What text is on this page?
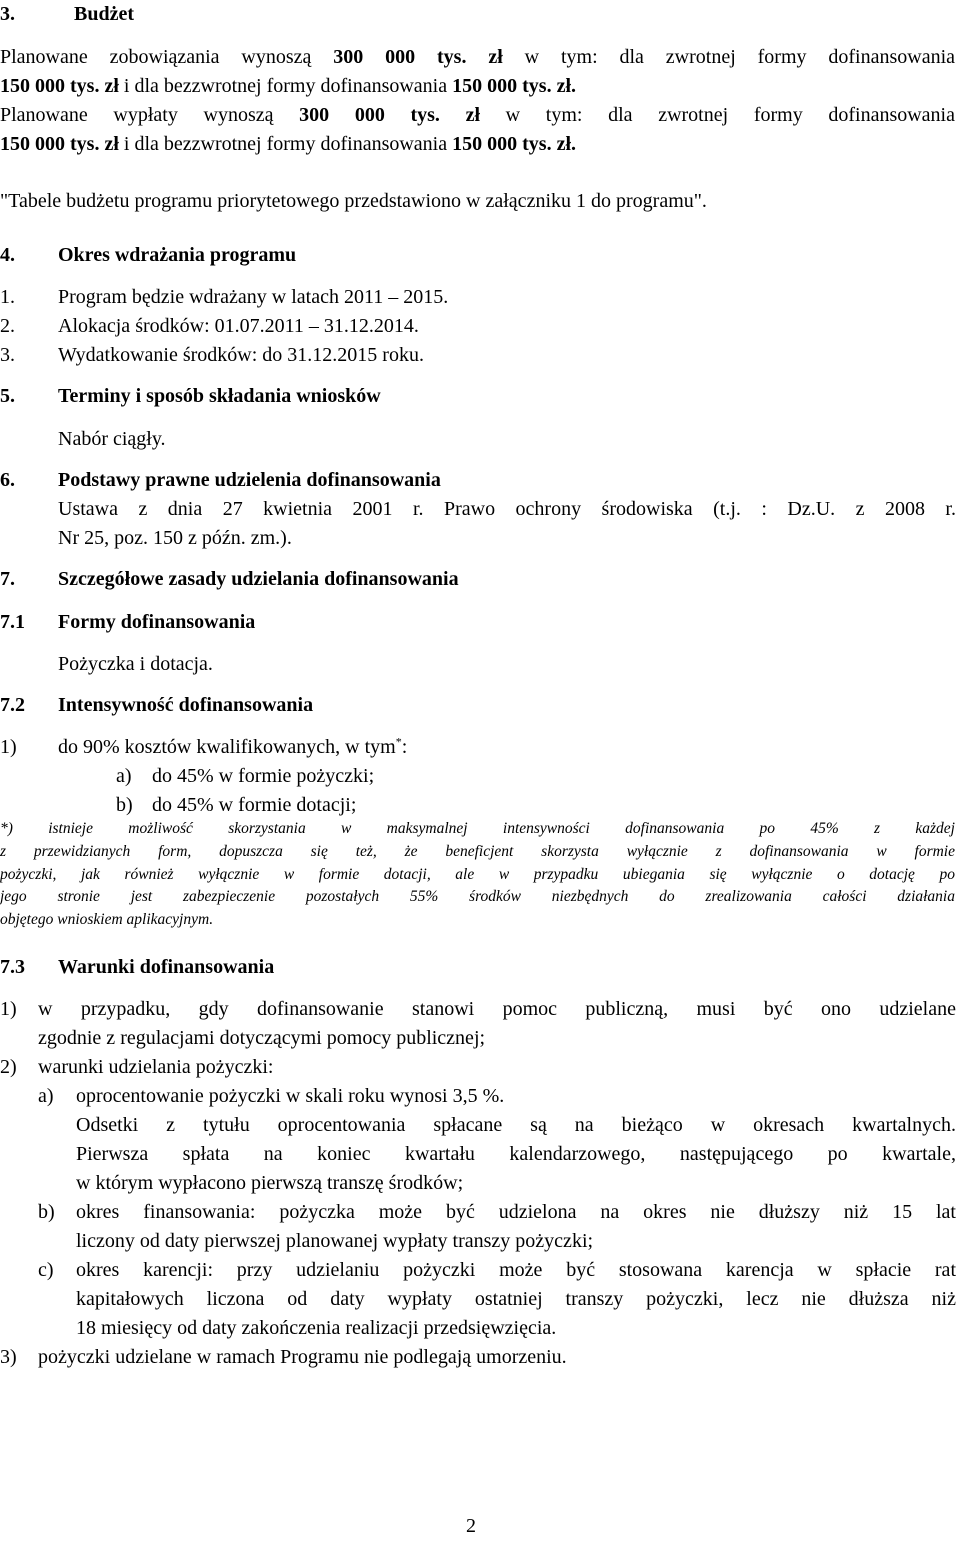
3.	Budżet
Planowane zobowiązania wynoszą 300 000 tys. zł w tym: dla zwrotnej formy dofinansowania
150 000 tys. zł i dla bezzwrotnej formy dofinansowania 150 000 tys. zł.
Planowane wypłaty wynoszą 300 000 tys. zł w tym: dla zwrotnej formy dofinansowania
150 000 tys. zł i dla bezzwrotnej formy dofinansowania 150 000 tys. zł.
"Tabele budżetu programu priorytetowego przedstawiono w załączniku 1 do programu".
4. Okres wdrażania programu
1. Program będzie wdrażany w latach 2011 – 2015.
2. Alokacja środków: 01.07.2011 – 31.12.2014.
3. Wydatkowanie środków: do 31.12.2015 roku.
5. Terminy i sposób składania wniosków
Nabór ciągły.
6. Podstawy prawne udzielenia dofinansowania
Ustawa z dnia 27 kwietnia 2001 r. Prawo ochrony środowiska (t.j. : Dz.U. z 2008 r.
Nr 25, poz. 150 z późn. zm.).
7. Szczegółowe zasady udzielania dofinansowania
7.1 Formy dofinansowania
Pożyczka i dotacja.
7.2 Intensywność dofinansowania
1) do 90% kosztów kwalifikowanych, w tym*:
a) do 45% w formie pożyczki;
b) do 45% w formie dotacji;
*) istnieje możliwość skorzystania w maksymalnej intensywności dofinansowania po 45% z każdej
z przewidzianych form, dopuszcza się też, że beneficjent skorzysta wyłącznie z dofinansowania w formie
pożyczki, jak również wyłącznie w formie dotacji, ale w przypadku ubiegania się wyłącznie o dotację po
jego stronie jest zabezpieczenie pozostałych 55% środków niezbędnych do zrealizowania całości działania
objętego wnioskiem aplikacyjnym.
7.3 Warunki dofinansowania
1) w przypadku, gdy dofinansowanie stanowi pomoc publiczną, musi być ono udzielane
zgodnie z regulacjami dotyczącymi pomocy publicznej;
2) warunki udzielania pożyczki:
a) oprocentowanie pożyczki w skali roku wynosi 3,5 %.
Odsetki z tytułu oprocentowania spłacane są na bieżąco w okresach kwartalnych.
Pierwsza spłata na koniec kwartału kalendarzowego, następującego po kwartale,
w którym wypłacono pierwszą transzę środków;
b) okres finansowania: pożyczka może być udzielona na okres nie dłuższy niż 15 lat
liczony od daty pierwszej planowanej wypłaty transzy pożyczki;
c) okres karencji: przy udzielaniu pożyczki może być stosowana karencja w spłacie rat
kapitałowych liczona od daty wypłaty ostatniej transzy pożyczki, lecz nie dłuższa niż
18 miesięcy od daty zakończenia realizacji przedsięwzięcia.
3) pożyczki udzielane w ramach Programu nie podlegają umorzeniu.
2
